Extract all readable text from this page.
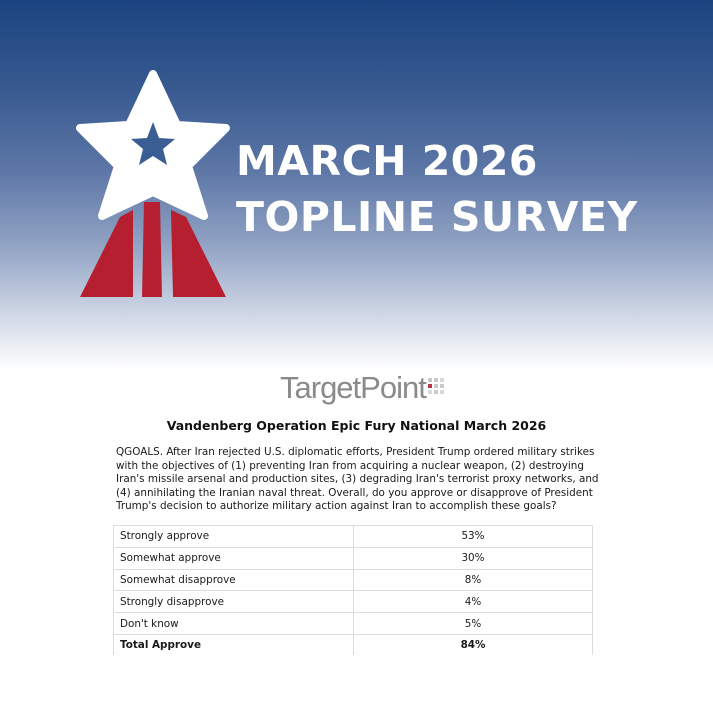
MARCH 2026
TOPLINE SURVEY
TargetPoint
Vandenberg Operation Epic Fury National March 2026

QGOALS. After Iran rejected U.S. diplomatic efforts, President Trump ordered military strikes with the objectives of (1) preventing Iran from acquiring a nuclear weapon, (2) destroying Iran's missile arsenal and production sites, (3) degrading Iran's terrorist proxy networks, and (4) annihilating the Iranian naval threat. Overall, do you approve or disapprove of President Trump's decision to authorize military action against Iran to accomplish these goals?

Strongly approve	53%
Somewhat approve	30%
Somewhat disapprove	8%
Strongly disapprove	4%
Don't know	5%
Total Approve	84%
